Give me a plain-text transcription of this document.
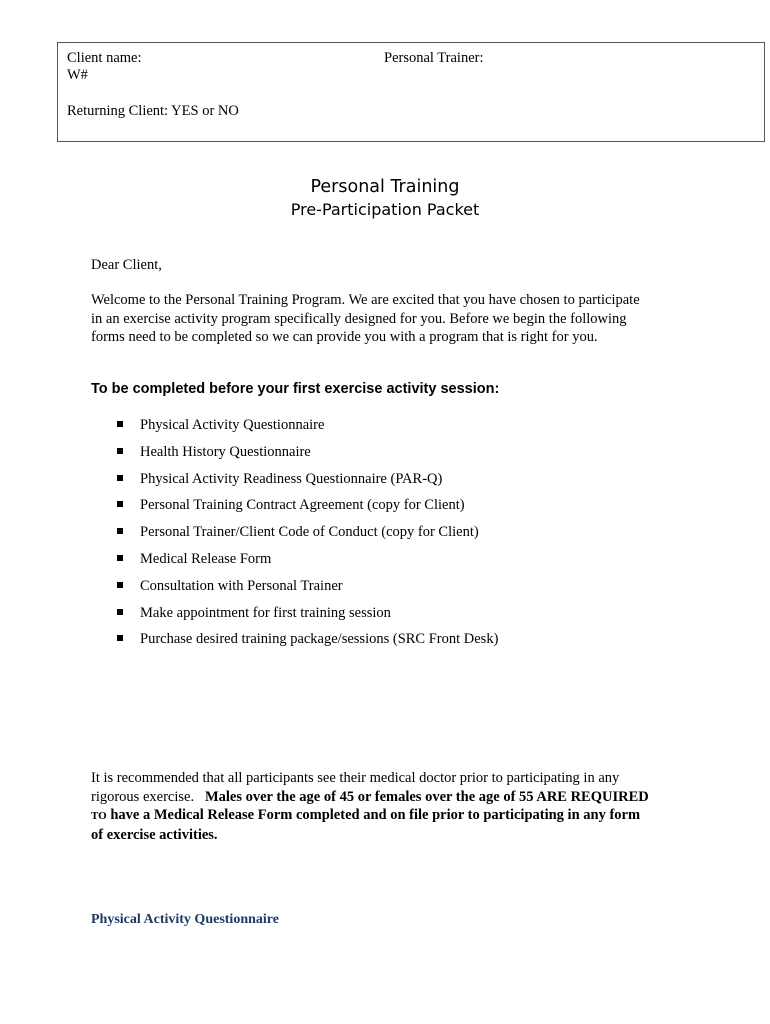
Client name:	Personal Trainer:
W#
Returning Client: YES or NO
Personal Training
Pre-Participation Packet
Dear Client,
Welcome to the Personal Training Program. We are excited that you have chosen to participate
in an exercise activity program specifically designed for you. Before we begin the following
forms need to be completed so we can provide you with a program that is right for you.
To be completed before your first exercise activity session:
Physical Activity Questionnaire
Health History Questionnaire
Physical Activity Readiness Questionnaire (PAR-Q)
Personal Training Contract Agreement (copy for Client)
Personal Trainer/Client Code of Conduct (copy for Client)
Medical Release Form
Consultation with Personal Trainer
Make appointment for first training session
Purchase desired training package/sessions (SRC Front Desk)
It is recommended that all participants see their medical doctor prior to participating in any
rigorous exercise.   Males over the age of 45 or females over the age of 55 ARE REQUIRED
TO have a Medical Release Form completed and on file prior to participating in any form
of exercise activities.
Physical Activity Questionnaire
